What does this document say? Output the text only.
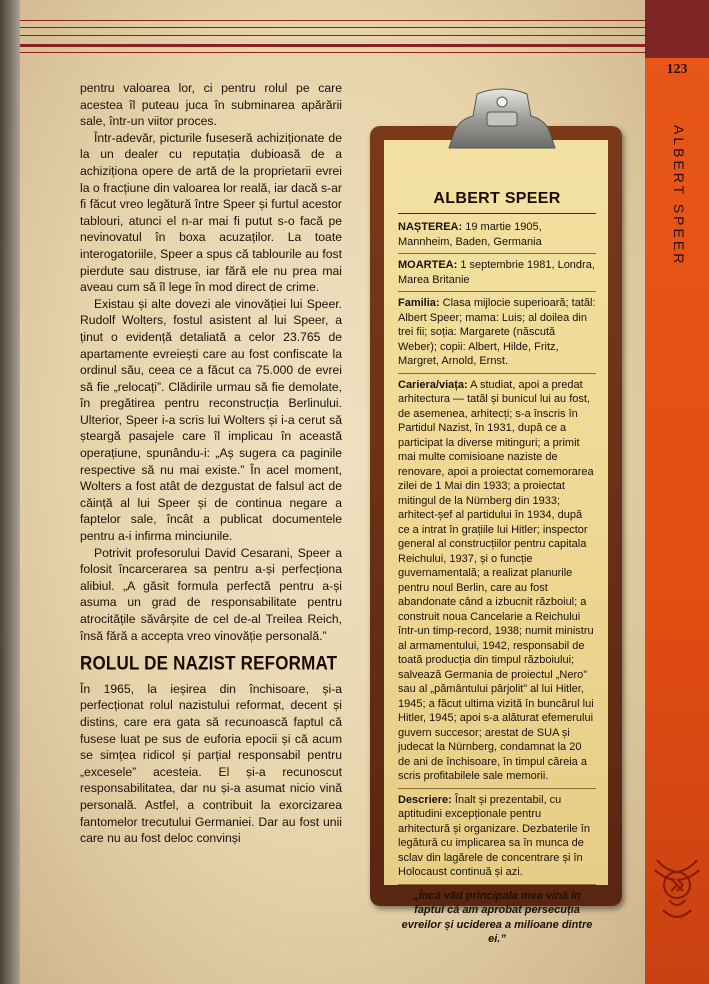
123
ALBERT SPEER

pentru valoarea lor, ci pentru rolul pe care acestea îl puteau juca în subminarea apărării sale, într-un viitor proces.

Într-adevăr, picturile fuseseră achiziționate de la un dealer cu reputația dubioasă de a achiziționa opere de artă de la proprietarii evrei la o fracțiune din valoarea lor reală, iar dacă s-ar fi făcut vreo legătură între Speer și furtul acestor tablouri, atunci el n-ar mai fi putut s-o facă pe nevinovatul în boxa acuzaților. La toate interogatoriile, Speer a spus că tablourile au fost pierdute sau distruse, iar fără ele nu prea mai aveau cum să îl lege în mod direct de crime.

Existau și alte dovezi ale vinovăției lui Speer. Rudolf Wolters, fostul asistent al lui Speer, a ținut o evidență detaliată a celor 23.765 de apartamente evreiești care au fost confiscate la ordinul său, ceea ce a făcut ca 75.000 de evrei să fie „relocați”. Clădirile urmau să fie demolate, în pregătirea pentru reconstrucția Berlinului. Ulterior, Speer i-a scris lui Wolters și i-a cerut să șteargă pasajele care îl implicau în această operațiune, spunându-i: „Aș sugera ca paginile respective să nu mai existe.” În acel moment, Wolters a fost atât de dezgustat de falsul act de căință al lui Speer și de continua negare a faptelor sale, încât a publicat documentele pentru a-i infirma minciunile.

Potrivit profesorului David Cesarani, Speer a folosit încarcerarea sa pentru a-și perfecționa alibiul. „A găsit formula perfectă pentru a-și asuma un grad de responsabilitate pentru atrocitățile săvârșite de cel de-al Treilea Reich, însă fără a accepta vreo vinovăție personală.”

ROLUL DE NAZIST REFORMAT

În 1965, la ieșirea din închisoare, și-a perfecționat rolul nazistului reformat, decent și distins, care era gata să recunoască faptul că fusese luat pe sus de euforia epocii și că acum se simțea ridicol și parțial responsabil pentru „excesele” acesteia. El și-a recunoscut responsabilitatea, dar nu și-a asumat nicio vină personală. Astfel, a contribuit la exorcizarea fantomelor trecutului Germaniei. Dar au fost unii care nu au fost deloc convinși

ALBERT SPEER

NAȘTEREA: 19 martie 1905, Mannheim, Baden, Germania

MOARTEA: 1 septembrie 1981, Londra, Marea Britanie

Familia: Clasa mijlocie superioară; tatăl: Albert Speer; mama: Luis; al doilea din trei fii; soția: Margarete (născută Weber); copii: Albert, Hilde, Fritz, Margret, Arnold, Ernst.

Cariera/viața: A studiat, apoi a predat arhitectura — tatăl și bunicul lui au fost, de asemenea, arhitecți; s-a înscris în Partidul Nazist, în 1931, după ce a participat la diverse mitinguri; a primit mai multe comisioane naziste de renovare, apoi a proiectat comemorarea zilei de 1 Mai din 1933; a proiectat mitingul de la Nürnberg din 1933; arhitect-șef al partidului în 1934, după ce a intrat în grațiile lui Hitler; inspector general al construcțiilor pentru capitala Reichului, 1937, și o funcție guvernamentală; a realizat planurile pentru noul Berlin, care au fost abandonate când a izbucnit războiul; a construit noua Cancelarie a Reichului într-un timp-record, 1938; numit ministru al armamentului, 1942, responsabil de toată producția din timpul războiului; salvează Germania de proiectul „Nero” sau al „pământului pârjolit” al lui Hitler, 1945; a făcut ultima vizită în buncărul lui Hitler, 1945; apoi s-a alăturat efemerului guvern succesor; arestat de SUA și judecat la Nürnberg, condamnat la 20 de ani de închisoare, în timpul căreia a scris profitabilele sale memorii.

Descriere: Înalt și prezentabil, cu aptitudini excepționale pentru arhitectură și organizare. Dezbaterile în legătură cu implicarea sa în munca de sclav din lagărele de concentrare și în Holocaust continuă și azi.

„Încă văd principala mea vină în faptul că am aprobat persecuția evreilor și uciderea a milioane dintre ei.”
